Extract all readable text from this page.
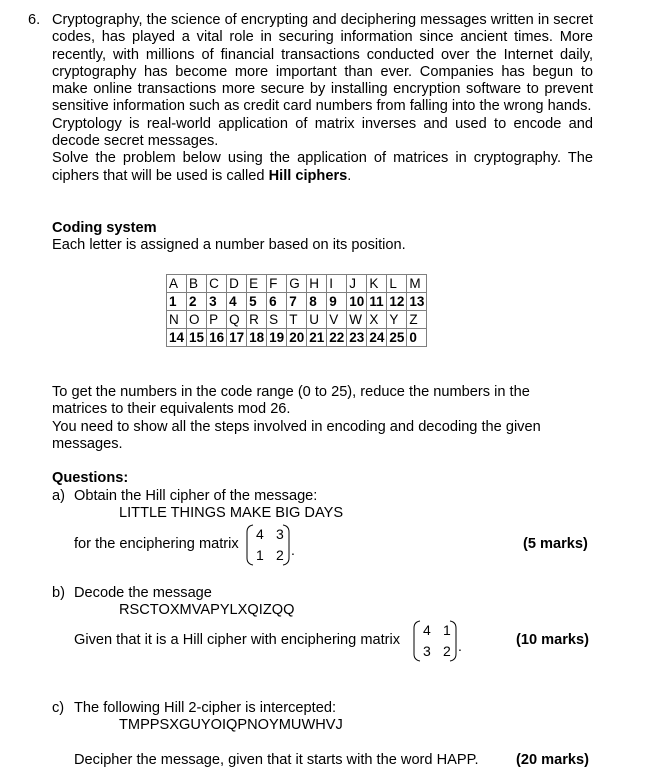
6. Cryptography, the science of encrypting and deciphering messages written in secret codes, has played a vital role in securing information since ancient times. More recently, with millions of financial transactions conducted over the Internet daily, cryptography has become more important than ever. Companies has begun to make online transactions more secure by installing encryption software to prevent sensitive information such as credit card numbers from falling into the wrong hands.

Cryptology is real-world application of matrix inverses and used to encode and decode secret messages.

Solve the problem below using the application of matrices in cryptography. The ciphers that will be used is called Hill ciphers.

Coding system
Each letter is assigned a number based on its position.
A	B	C	D	E	F	G	H	I	J	K	L	M
1	2	3	4	5	6	7	8	9	10	11	12	13
N	O	P	Q	R	S	T	U	V	W	X	Y	Z
14	15	16	17	18	19	20	21	22	23	24	25	0

To get the numbers in the code range (0 to 25), reduce the numbers in the matrices to their equivalents mod 26.

You need to show all the steps involved in encoding and decoding the given messages.

Questions:
a) Obtain the Hill cipher of the message:
LITTLE THINGS MAKE BIG DAYS
for the enciphering matrix
4 3
1 2 .	(5 marks)
b) Decode the message
RSCTOXMVAPYLXQIZQQ
Given that it is a Hill cipher with enciphering matrix
4 1
3 2 .	(10 marks)
c) The following Hill 2-cipher is intercepted:
TMPPSXGUYOIQPNOYMUWHVJ
Decipher the message, given that it starts with the word HAPP.	(20 marks)
